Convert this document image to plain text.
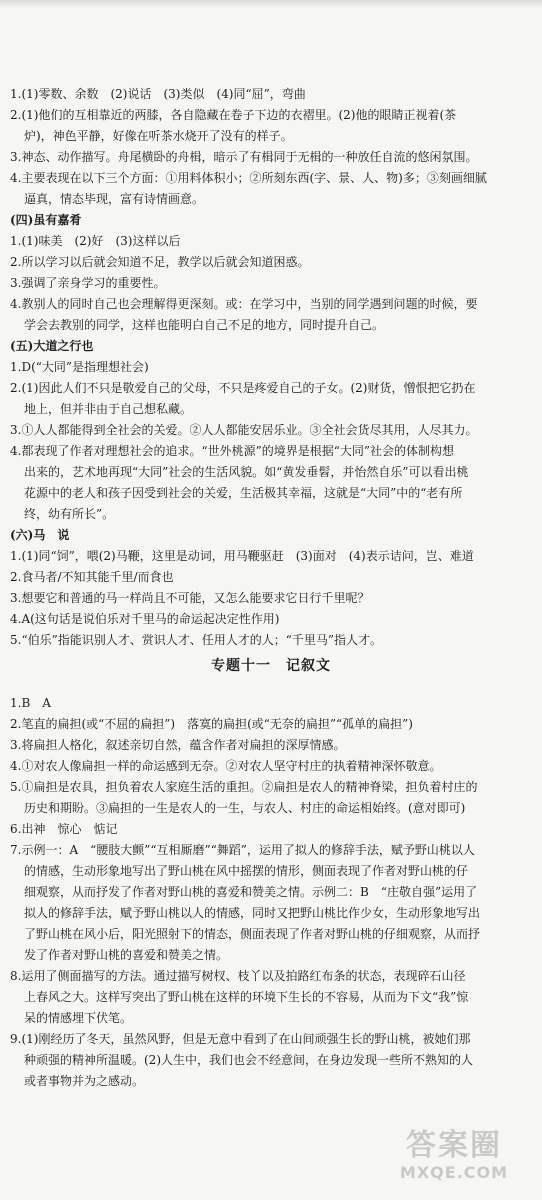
1.(1)零数、余数　(2)说话　(3)类似　(4)同“屈”，弯曲

2.(1)他们的互相靠近的两膝，各自隐藏在卷子下边的衣褶里。(2)他的眼睛正视着(茶

炉)，神色平静，好像在听茶水烧开了没有的样子。

3.神态、动作描写。舟尾横卧的舟楫，暗示了有楫同于无楫的一种放任自流的悠闲氛围。

4.主要表现在以下三个方面：①用料体积小；②所刻东西(字、景、人、物)多；③刻画细腻

逼真，情态毕现，富有诗情画意。

(四)虽有嘉肴

1.(1)味美　(2)好　(3)这样以后

2.所以学习以后就会知道不足，教学以后就会知道困惑。

3.强调了亲身学习的重要性。

4.教别人的同时自己也会理解得更深刻。或：在学习中，当别的同学遇到问题的时候，要

学会去教别的同学，这样也能明白自己不足的地方，同时提升自己。

(五)大道之行也

1.D(“大同”是指理想社会)

2.(1)因此人们不只是敬爱自己的父母，不只是疼爱自己的子女。(2)财货，憎恨把它扔在

地上，但并非由于自己想私藏。

3.①人人都能得到全社会的关爱。②人人都能安居乐业。③全社会货尽其用，人尽其力。

4.都表现了作者对理想社会的追求。“世外桃源”的境界是根据“大同”社会的体制构想

出来的，艺术地再现“大同”社会的生活风貌。如“黄发垂髫，并怡然自乐”可以看出桃

花源中的老人和孩子因受到社会的关爱，生活极其幸福，这就是“大同”中的“老有所

终，幼有所长”。

(六)马　说

1.(1)同“饲”，喂(2)马鞭，这里是动词，用马鞭驱赶　(3)面对　(4)表示诘问，岂、难道

2.食马者/不知其能千里/而食也

3.想要它和普通的马一样尚且不可能，又怎么能要求它日行千里呢？

4.A(这句话是说伯乐对千里马的命运起决定性作用)

5.“伯乐”指能识别人才、赏识人才、任用人才的人；“千里马”指人才。

专题十一　记叙文

1.B　A

2.笔直的扁担(或“不屈的扁担”)　落寞的扁担(或“无奈的扁担”“孤单的扁担”)

3.将扁担人格化，叙述亲切自然，蕴含作者对扁担的深厚情感。

4.①对农人像扁担一样的命运感到无奈。②对农人坚守村庄的执着精神深怀敬意。

5.①扁担是农具，担负着农人家庭生活的重担。②扁担是农人的精神脊梁，担负着村庄的

历史和期盼。③扁担的一生是农人的一生，与农人、村庄的命运相始终。(意对即可)

6.出神　惊心　惦记

7.示例一：A　“腰肢大颤”“互相厮磨”“舞蹈”，运用了拟人的修辞手法，赋予野山桃以人

的情感，生动形象地写出了野山桃在风中摇摆的情形，侧面表现了作者对野山桃的仔

细观察，从而抒发了作者对野山桃的喜爱和赞美之情。示例二：B　“庄敬自强”运用了

拟人的修辞手法，赋予野山桃以人的情感，同时又把野山桃比作少女，生动形象地写出

了野山桃在风小后，阳光照射下的情态，侧面表现了作者对野山桃的仔细观察，从而抒

发了作者对野山桃的喜爱和赞美之情。

8.运用了侧面描写的方法。通过描写树杈、枝丫以及拍路红布条的状态，表现碎石山径

上春风之大。这样写突出了野山桃在这样的环境下生长的不容易，从而为下文“我”惊

呆的情感埋下伏笔。

9.(1)刚经历了冬天，虽然风野，但是无意中看到了在山间顽强生长的野山桃，被她们那

种顽强的精神所温暖。(2)人生中，我们也会不经意间，在身边发现一些所不熟知的人

或者事物并为之感动。

答案圈
MXQE.COM
